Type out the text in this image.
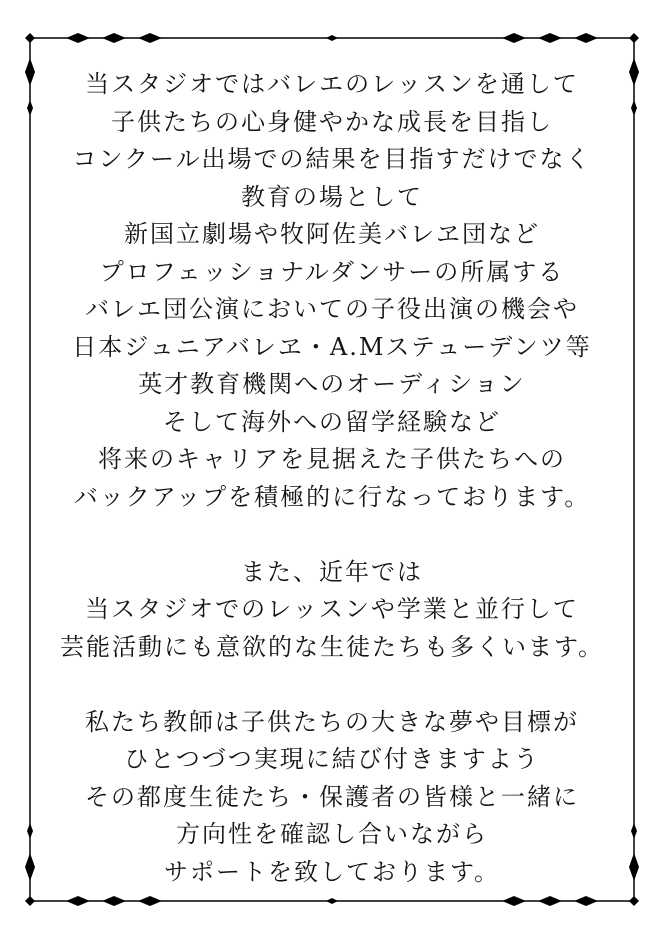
当スタジオではバレエのレッスンを通して
子供たちの心身健やかな成長を目指し
コンクール出場での結果を目指すだけでなく
教育の場として
新国立劇場や牧阿佐美バレヱ団など
プロフェッショナルダンサーの所属する
バレエ団公演においての子役出演の機会や
日本ジュニアバレヱ・A.Mステューデンツ等
英才教育機関へのオーディション
そして海外への留学経験など
将来のキャリアを見据えた子供たちへの
バックアップを積極的に行なっております。
また、近年では
当スタジオでのレッスンや学業と並行して
芸能活動にも意欲的な生徒たちも多くいます。
私たち教師は子供たちの大きな夢や目標が
ひとつづつ実現に結び付きますよう
その都度生徒たち・保護者の皆様と一緒に
方向性を確認し合いながら
サポートを致しております。
